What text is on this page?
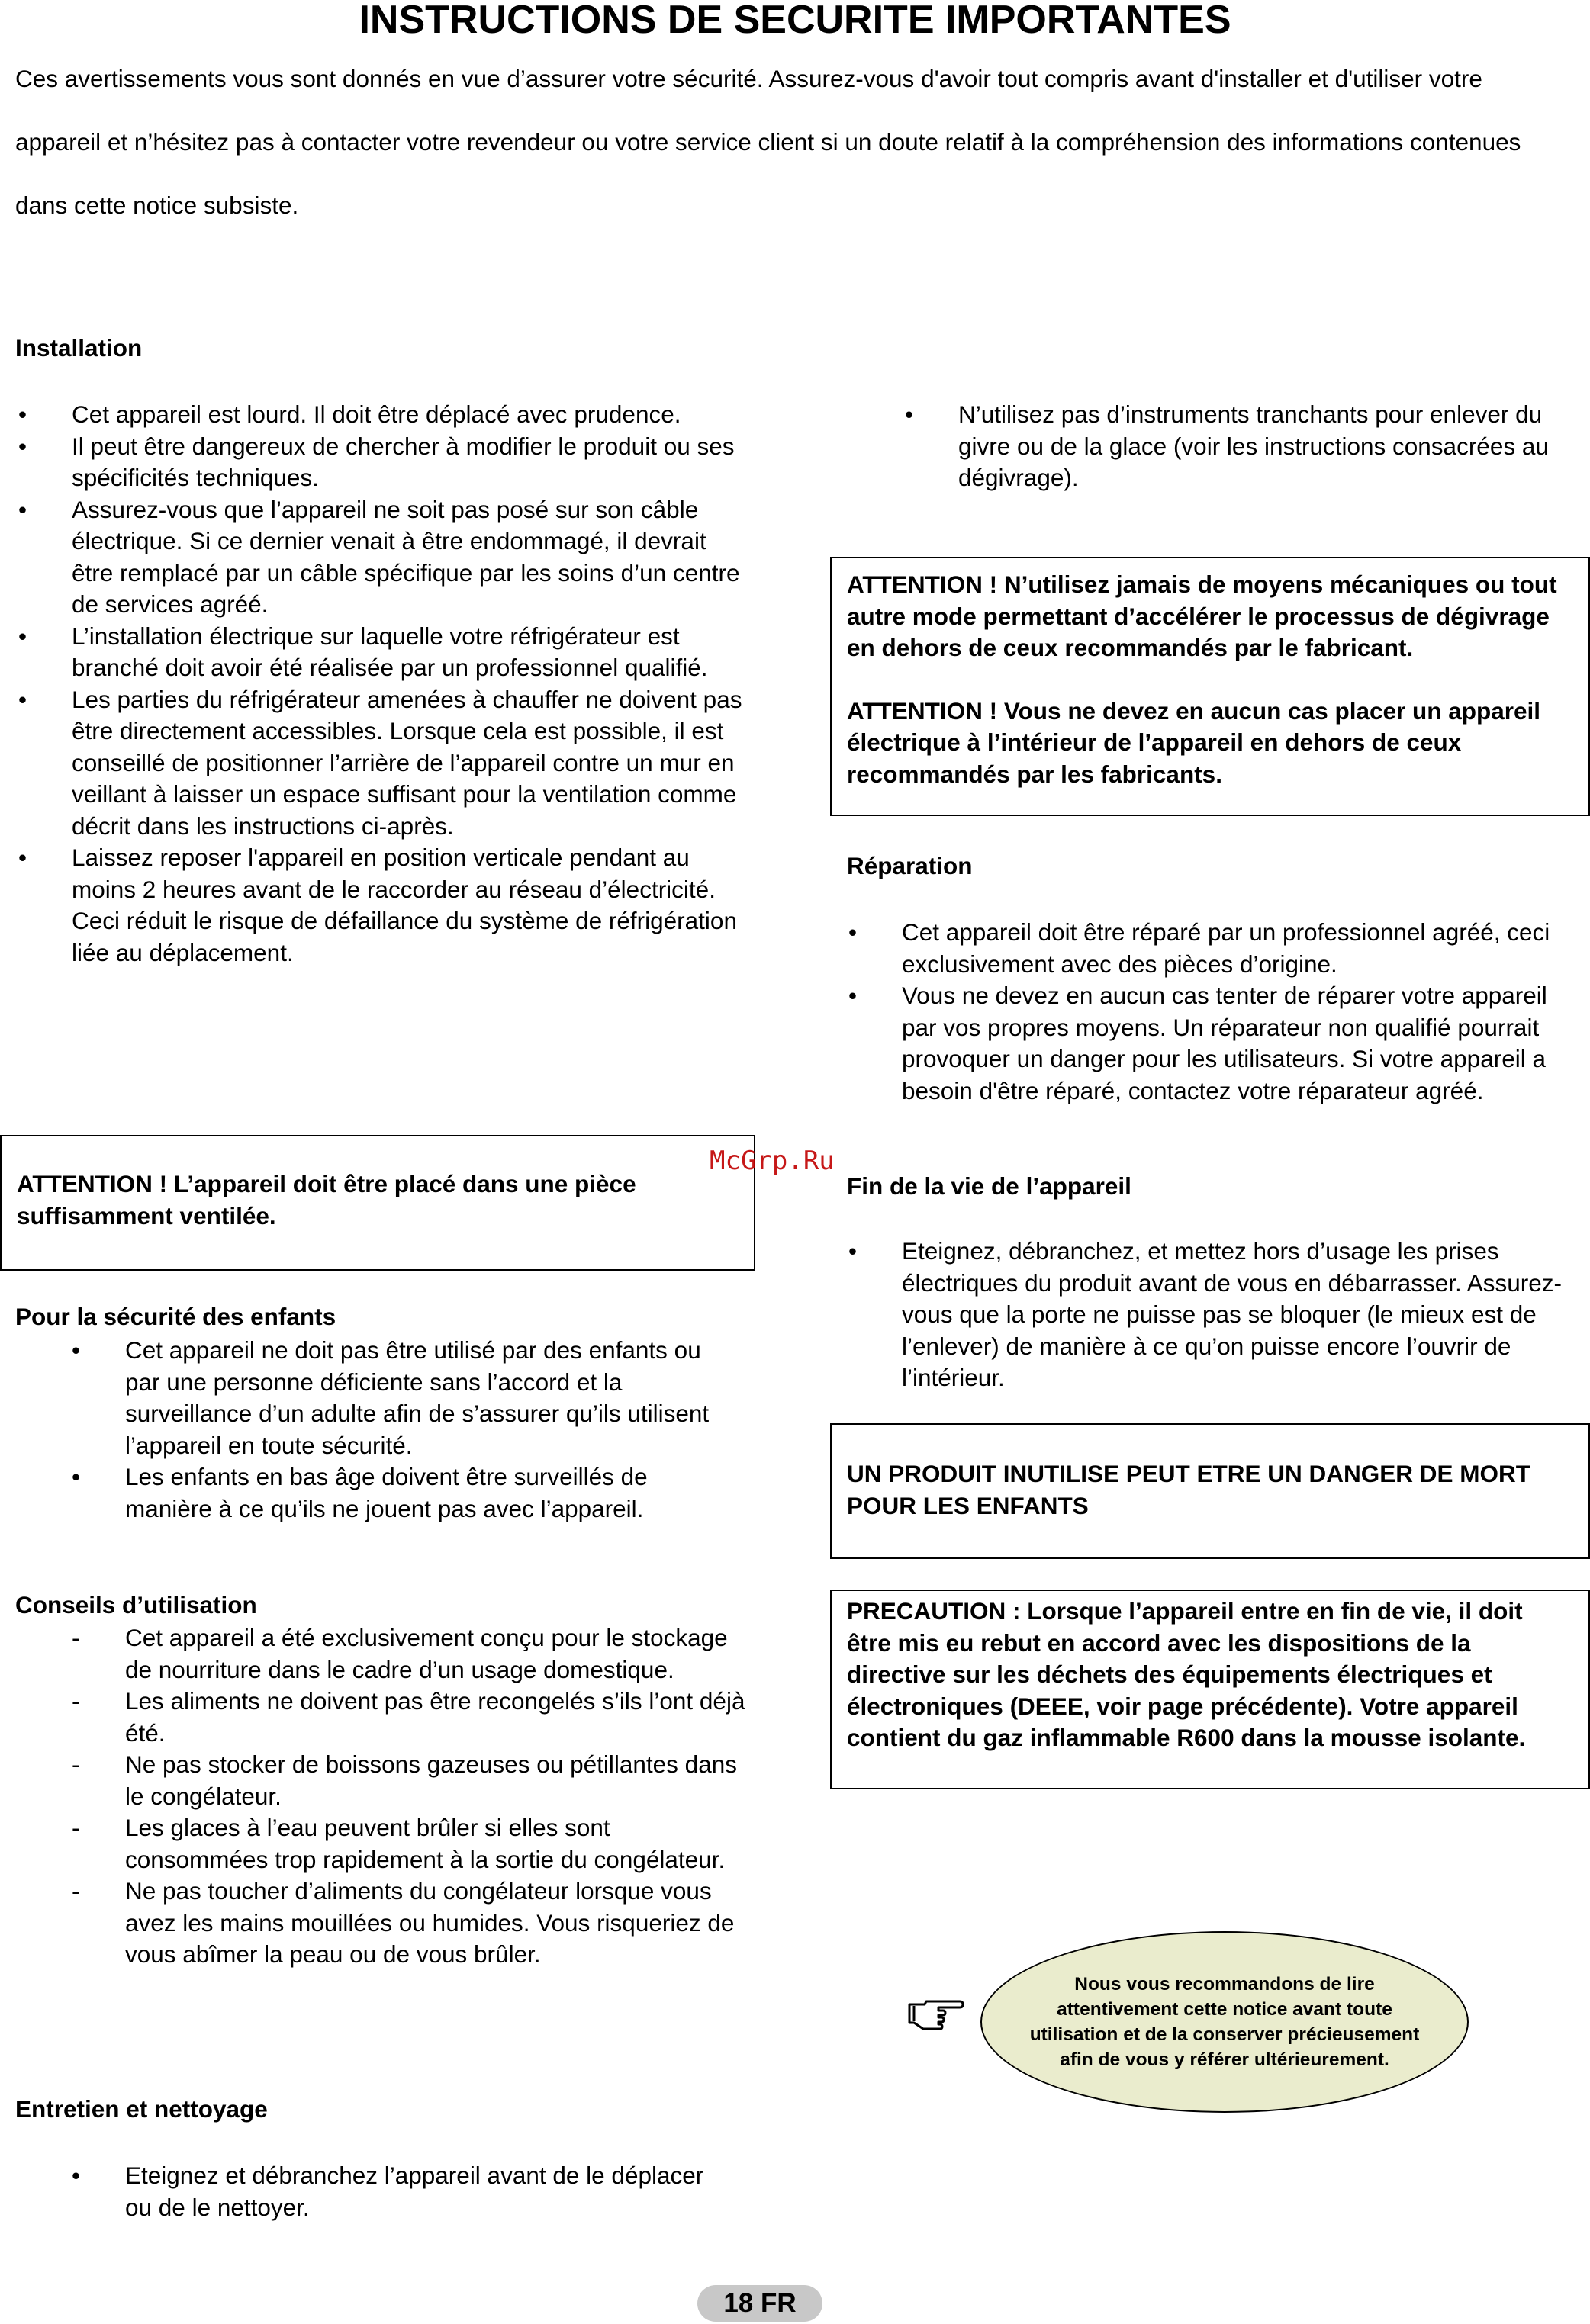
INSTRUCTIONS DE SECURITE IMPORTANTES

Ces avertissements vous sont donnés en vue d’assurer votre sécurité. Assurez-vous d'avoir tout compris avant d'installer et d'utiliser votre appareil et n’hésitez pas à contacter votre revendeur ou votre service client si un doute relatif à la compréhension des informations contenues dans cette notice subsiste.

Installation
• Cet appareil est lourd. Il doit être déplacé avec prudence.
• Il peut être dangereux de chercher à modifier le produit ou ses spécificités techniques.
• Assurez-vous que l’appareil ne soit pas posé sur son câble électrique. Si ce dernier venait à être endommagé, il devrait être remplacé par un câble spécifique par les soins d’un centre de services agréé.
• L’installation électrique sur laquelle votre réfrigérateur est branché doit avoir été réalisée par un professionnel qualifié.
• Les parties du réfrigérateur amenées à chauffer ne doivent pas être directement accessibles. Lorsque cela est possible, il est conseillé de positionner l’arrière de l’appareil contre un mur en veillant à laisser un espace suffisant pour la ventilation comme décrit dans les instructions ci-après.
• Laissez reposer l'appareil en position verticale pendant au moins 2 heures avant de le raccorder au réseau d’électricité. Ceci réduit le risque de défaillance du système de réfrigération liée au déplacement.

ATTENTION ! L’appareil doit être placé dans une pièce suffisamment ventilée.

Pour la sécurité des enfants
• Cet appareil ne doit pas être utilisé par des enfants ou par une personne déficiente sans l’accord et la surveillance d’un adulte afin de s’assurer qu’ils utilisent l’appareil en toute sécurité.
• Les enfants en bas âge doivent être surveillés de manière à ce qu’ils ne jouent pas avec l’appareil.
Conseils d’utilisation
- Cet appareil a été exclusivement conçu pour le stockage de nourriture dans le cadre d’un usage domestique.
- Les aliments ne doivent pas être recongelés s’ils l’ont déjà été.
- Ne pas stocker de boissons gazeuses ou pétillantes dans le congélateur.
- Les glaces à l’eau peuvent brûler si elles sont consommées trop rapidement à la sortie du congélateur.
- Ne pas toucher d’aliments du congélateur lorsque vous avez les mains mouillées ou humides. Vous risqueriez de vous abîmer la peau ou de vous brûler.
Entretien et nettoyage
• Eteignez et débranchez l’appareil avant de le déplacer ou de le nettoyer.
• N’utilisez pas d’instruments tranchants pour enlever du givre ou de la glace (voir les instructions consacrées au dégivrage).

ATTENTION ! N’utilisez jamais de moyens mécaniques ou tout autre mode permettant d’accélérer le processus de dégivrage en dehors de ceux recommandés par le fabricant.

ATTENTION ! Vous ne devez en aucun cas placer un appareil électrique à l’intérieur de l’appareil en dehors de ceux recommandés par les fabricants.

Réparation
• Cet appareil doit être réparé par un professionnel agréé, ceci exclusivement avec des pièces d’origine.
• Vous ne devez en aucun cas tenter de réparer votre appareil par vos propres moyens. Un réparateur non qualifié pourrait provoquer un danger pour les utilisateurs. Si votre appareil a besoin d'être réparé, contactez votre réparateur agréé.
Fin de la vie de l’appareil
• Eteignez, débranchez, et mettez hors d’usage les prises électriques du produit avant de vous en débarrasser. Assurez-vous que la porte ne puisse pas se bloquer (le mieux est de l’enlever) de manière à ce qu’on puisse encore l’ouvrir de l’intérieur.

UN PRODUIT INUTILISE PEUT ETRE UN DANGER DE MORT POUR LES ENFANTS

PRECAUTION : Lorsque l’appareil entre en fin de vie, il doit être mis eu rebut en accord avec les dispositions de la directive sur les déchets des équipements électriques et électroniques (DEEE, voir page précédente). Votre appareil contient du gaz inflammable R600 dans la mousse isolante.

Nous vous recommandons de lire attentivement cette notice avant toute utilisation et de la conserver précieusement afin de vous y référer ultérieurement.
McGrp.Ru
18 FR
